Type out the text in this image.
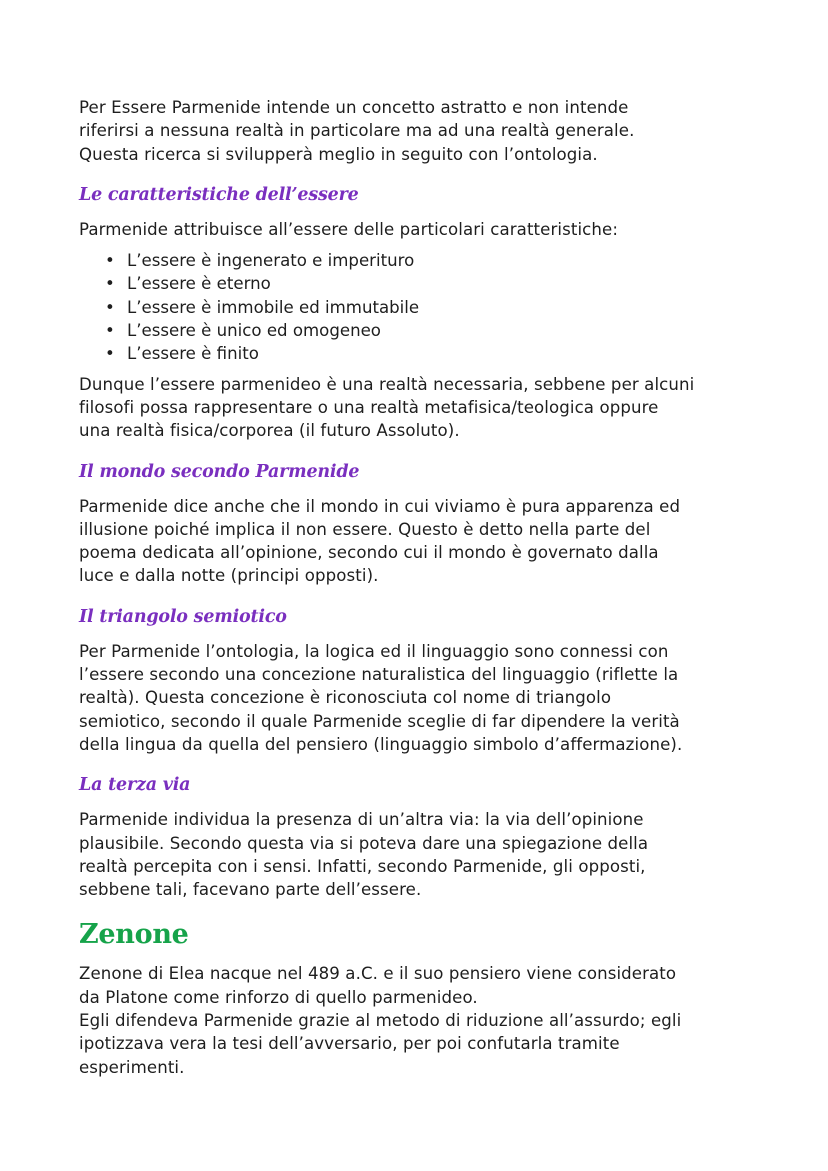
Per Essere Parmenide intende un concetto astratto e non intende

riferirsi a nessuna realtà in particolare ma ad una realtà generale.

Questa ricerca si svilupperà meglio in seguito con l’ontologia.

Le caratteristiche dell’essere

Parmenide attribuisce all’essere delle particolari caratteristiche:

• L’essere è ingenerato e imperituro
• L’essere è eterno
• L’essere è immobile ed immutabile
• L’essere è unico ed omogeneo
• L’essere è finito

Dunque l’essere parmenideo è una realtà necessaria, sebbene per alcuni

filosofi possa rappresentare o una realtà metafisica/teologica oppure

una realtà fisica/corporea (il futuro Assoluto).

Il mondo secondo Parmenide

Parmenide dice anche che il mondo in cui viviamo è pura apparenza ed

illusione poiché implica il non essere. Questo è detto nella parte del

poema dedicata all’opinione, secondo cui il mondo è governato dalla

luce e dalla notte (principi opposti).

Il triangolo semiotico

Per Parmenide l’ontologia, la logica ed il linguaggio sono connessi con

l’essere secondo una concezione naturalistica del linguaggio (riflette la

realtà). Questa concezione è riconosciuta col nome di triangolo

semiotico, secondo il quale Parmenide sceglie di far dipendere la verità

della lingua da quella del pensiero (linguaggio simbolo d’affermazione).

La terza via

Parmenide individua la presenza di un’altra via: la via dell’opinione

plausibile. Secondo questa via si poteva dare una spiegazione della

realtà percepita con i sensi. Infatti, secondo Parmenide, gli opposti,

sebbene tali, facevano parte dell’essere.

Zenone

Zenone di Elea nacque nel 489 a.C. e il suo pensiero viene considerato

da Platone come rinforzo di quello parmenideo.

Egli difendeva Parmenide grazie al metodo di riduzione all’assurdo; egli

ipotizzava vera la tesi dell’avversario, per poi confutarla tramite

esperimenti.
